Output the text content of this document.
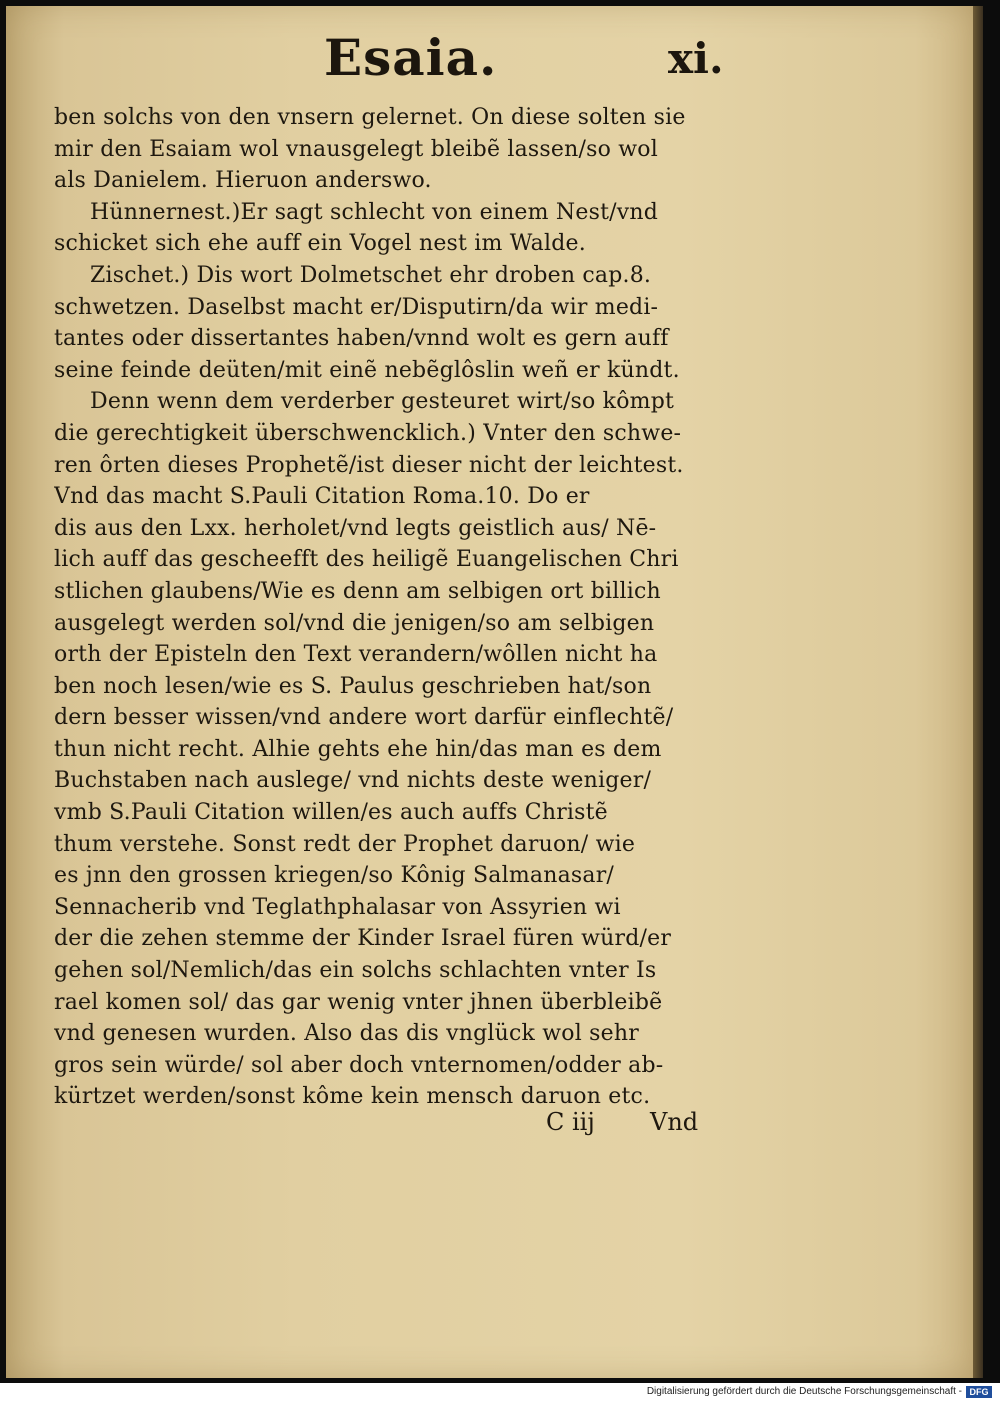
Esaia.	xi.
ben solchs von den vnsern gelernet. On diese solten sie
mir den Esaiam wol vnausgelegt bleibẽ lassen/so wol
als Danielem. Hieruon anderswo.
Hünnernest.)Er sagt schlecht von einem Nest/vnd
schicket sich ehe auff ein Vogel nest im Walde.
Zischet.) Dis wort Dolmetschet ehr droben cap.8.
schwetzen. Daselbst macht er/Disputirn/da wir medi-
tantes oder dissertantes haben/vnnd wolt es gern auff
seine feinde deüten/mit einẽ nebẽglôslin weñ er kündt.
Denn wenn dem verderber gesteuret wirt/so kômpt
die gerechtigkeit überschwencklich.) Vnter den schwe-
ren ôrten dieses Prophetẽ/ist dieser nicht der leichtest.
Vnd das macht S.Pauli Citation Roma.10. Do er
dis aus den Lxx. herholet/vnd legts geistlich aus/ Nē-
lich auff das gescheefft des heiligẽ Euangelischen Chri
stlichen glaubens/Wie es denn am selbigen ort billich
ausgelegt werden sol/vnd die jenigen/so am selbigen
orth der Episteln den Text verandern/wôllen nicht ha
ben noch lesen/wie es S. Paulus geschrieben hat/son
dern besser wissen/vnd andere wort darfür einflechtẽ/
thun nicht recht. Alhie gehts ehe hin/das man es dem
Buchstaben nach auslege/ vnd nichts deste weniger/
vmb S.Pauli Citation willen/es auch auffs Christẽ
thum verstehe. Sonst redt der Prophet daruon/ wie
es jnn den grossen kriegen/so Kônig Salmanasar/
Sennacherib vnd Teglathphalasar von Assyrien wi
der die zehen stemme der Kinder Israel füren würd/er
gehen sol/Nemlich/das ein solchs schlachten vnter Is
rael komen sol/ das gar wenig vnter jhnen überbleibẽ
vnd genesen wurden. Also das dis vnglück wol sehr
gros sein würde/ sol aber doch vnternomen/odder ab-
kürtzet werden/sonst kôme kein mensch daruon etc.
C iij Vnd
Digitalisierung gefördert durch die Deutsche Forschungsgemeinschaft - DFG
